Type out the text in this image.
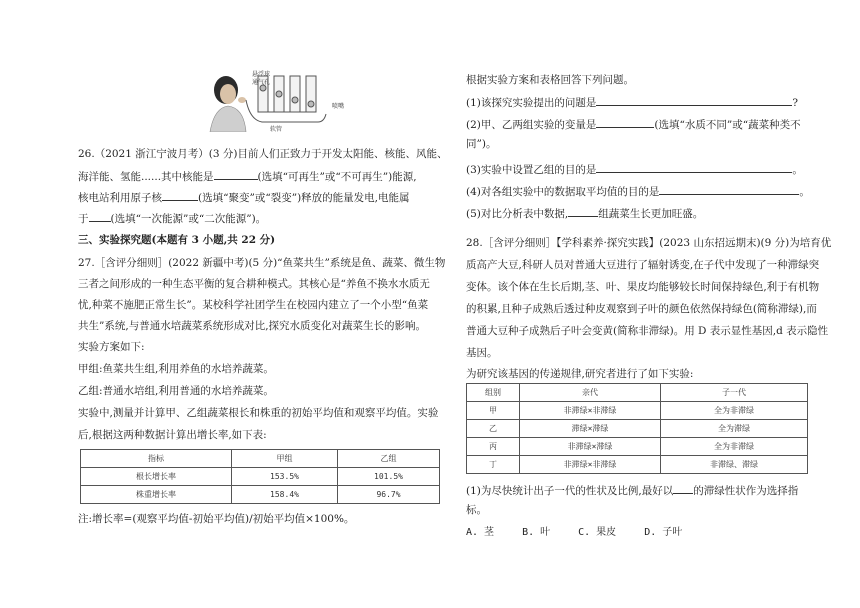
悬浮球
通气孔
软管
喷嘴
26.（2021 浙江宁波月考）(3 分)目前人们正致力于开发太阳能、核能、风能、
海洋能、氢能......其中核能是	(选填“可再生”或“不可再生”)能源,
核电站利用原子核	(选填“聚变”或“裂变”)释放的能量发电,电能属
于 (选填“一次能源”或“二次能源”)。
三、实验探究题(本题有 3 小题,共 22 分)
27.［含评分细则］(2022 新疆中考)(5 分)“鱼菜共生”系统是鱼、蔬菜、微生物
三者之间形成的一种生态平衡的复合耕种模式。其核心是“养鱼不换水水质无
忧,种菜不施肥正常生长”。某校科学社团学生在校园内建立了一个小型“鱼菜
共生”系统,与普通水培蔬菜系统形成对比,探究水质变化对蔬菜生长的影响。
实验方案如下:
甲组:鱼菜共生组,利用养鱼的水培养蔬菜。
乙组:普通水培组,利用普通的水培养蔬菜。
实验中,测量并计算甲、乙组蔬菜根长和株重的初始平均值和观察平均值。实验
后,根据这两种数据计算出增长率,如下表:
指标	甲组	乙组
根长增长率	153.5%	101.5%
株重增长率	158.4%	96.7%
注:增长率=(观察平均值-初始平均值)/初始平均值×100%。
根据实验方案和表格回答下列问题。
(1)该探究实验提出的问题是	?
(2)甲、乙两组实验的变量是	(选填“水质不同”或“蔬菜种类不
同”)。
(3)实验中设置乙组的目的是	。
(4)对各组实验中的数据取平均值的目的是	。
(5)对比分析表中数据,	组蔬菜生长更加旺盛。
28.［含评分细则］【学科素养·探究实践】(2023 山东招远期末)(9 分)为培育优
质高产大豆,科研人员对普通大豆进行了辐射诱变,在子代中发现了一种滞绿突
变体。该个体在生长后期,茎、叶、果皮均能够较长时间保持绿色,利于有机物
的积累,且种子成熟后透过种皮观察到子叶的颜色依然保持绿色(简称滞绿),而
普通大豆种子成熟后子叶会变黄(简称非滞绿)。用 D 表示显性基因,d 表示隐性
基因。
为研究该基因的传递规律,研究者进行了如下实验:
组别	亲代	子一代
甲	非滞绿×非滞绿	全为非滞绿
乙	滞绿×滞绿	全为滞绿
丙	非滞绿×滞绿	全为非滞绿
丁	非滞绿×非滞绿	非滞绿、滞绿
(1)为尽快统计出子一代的性状及比例,最好以 的滞绿性状作为选择指
标。
A. 茎	B. 叶	C. 果皮	D. 子叶
